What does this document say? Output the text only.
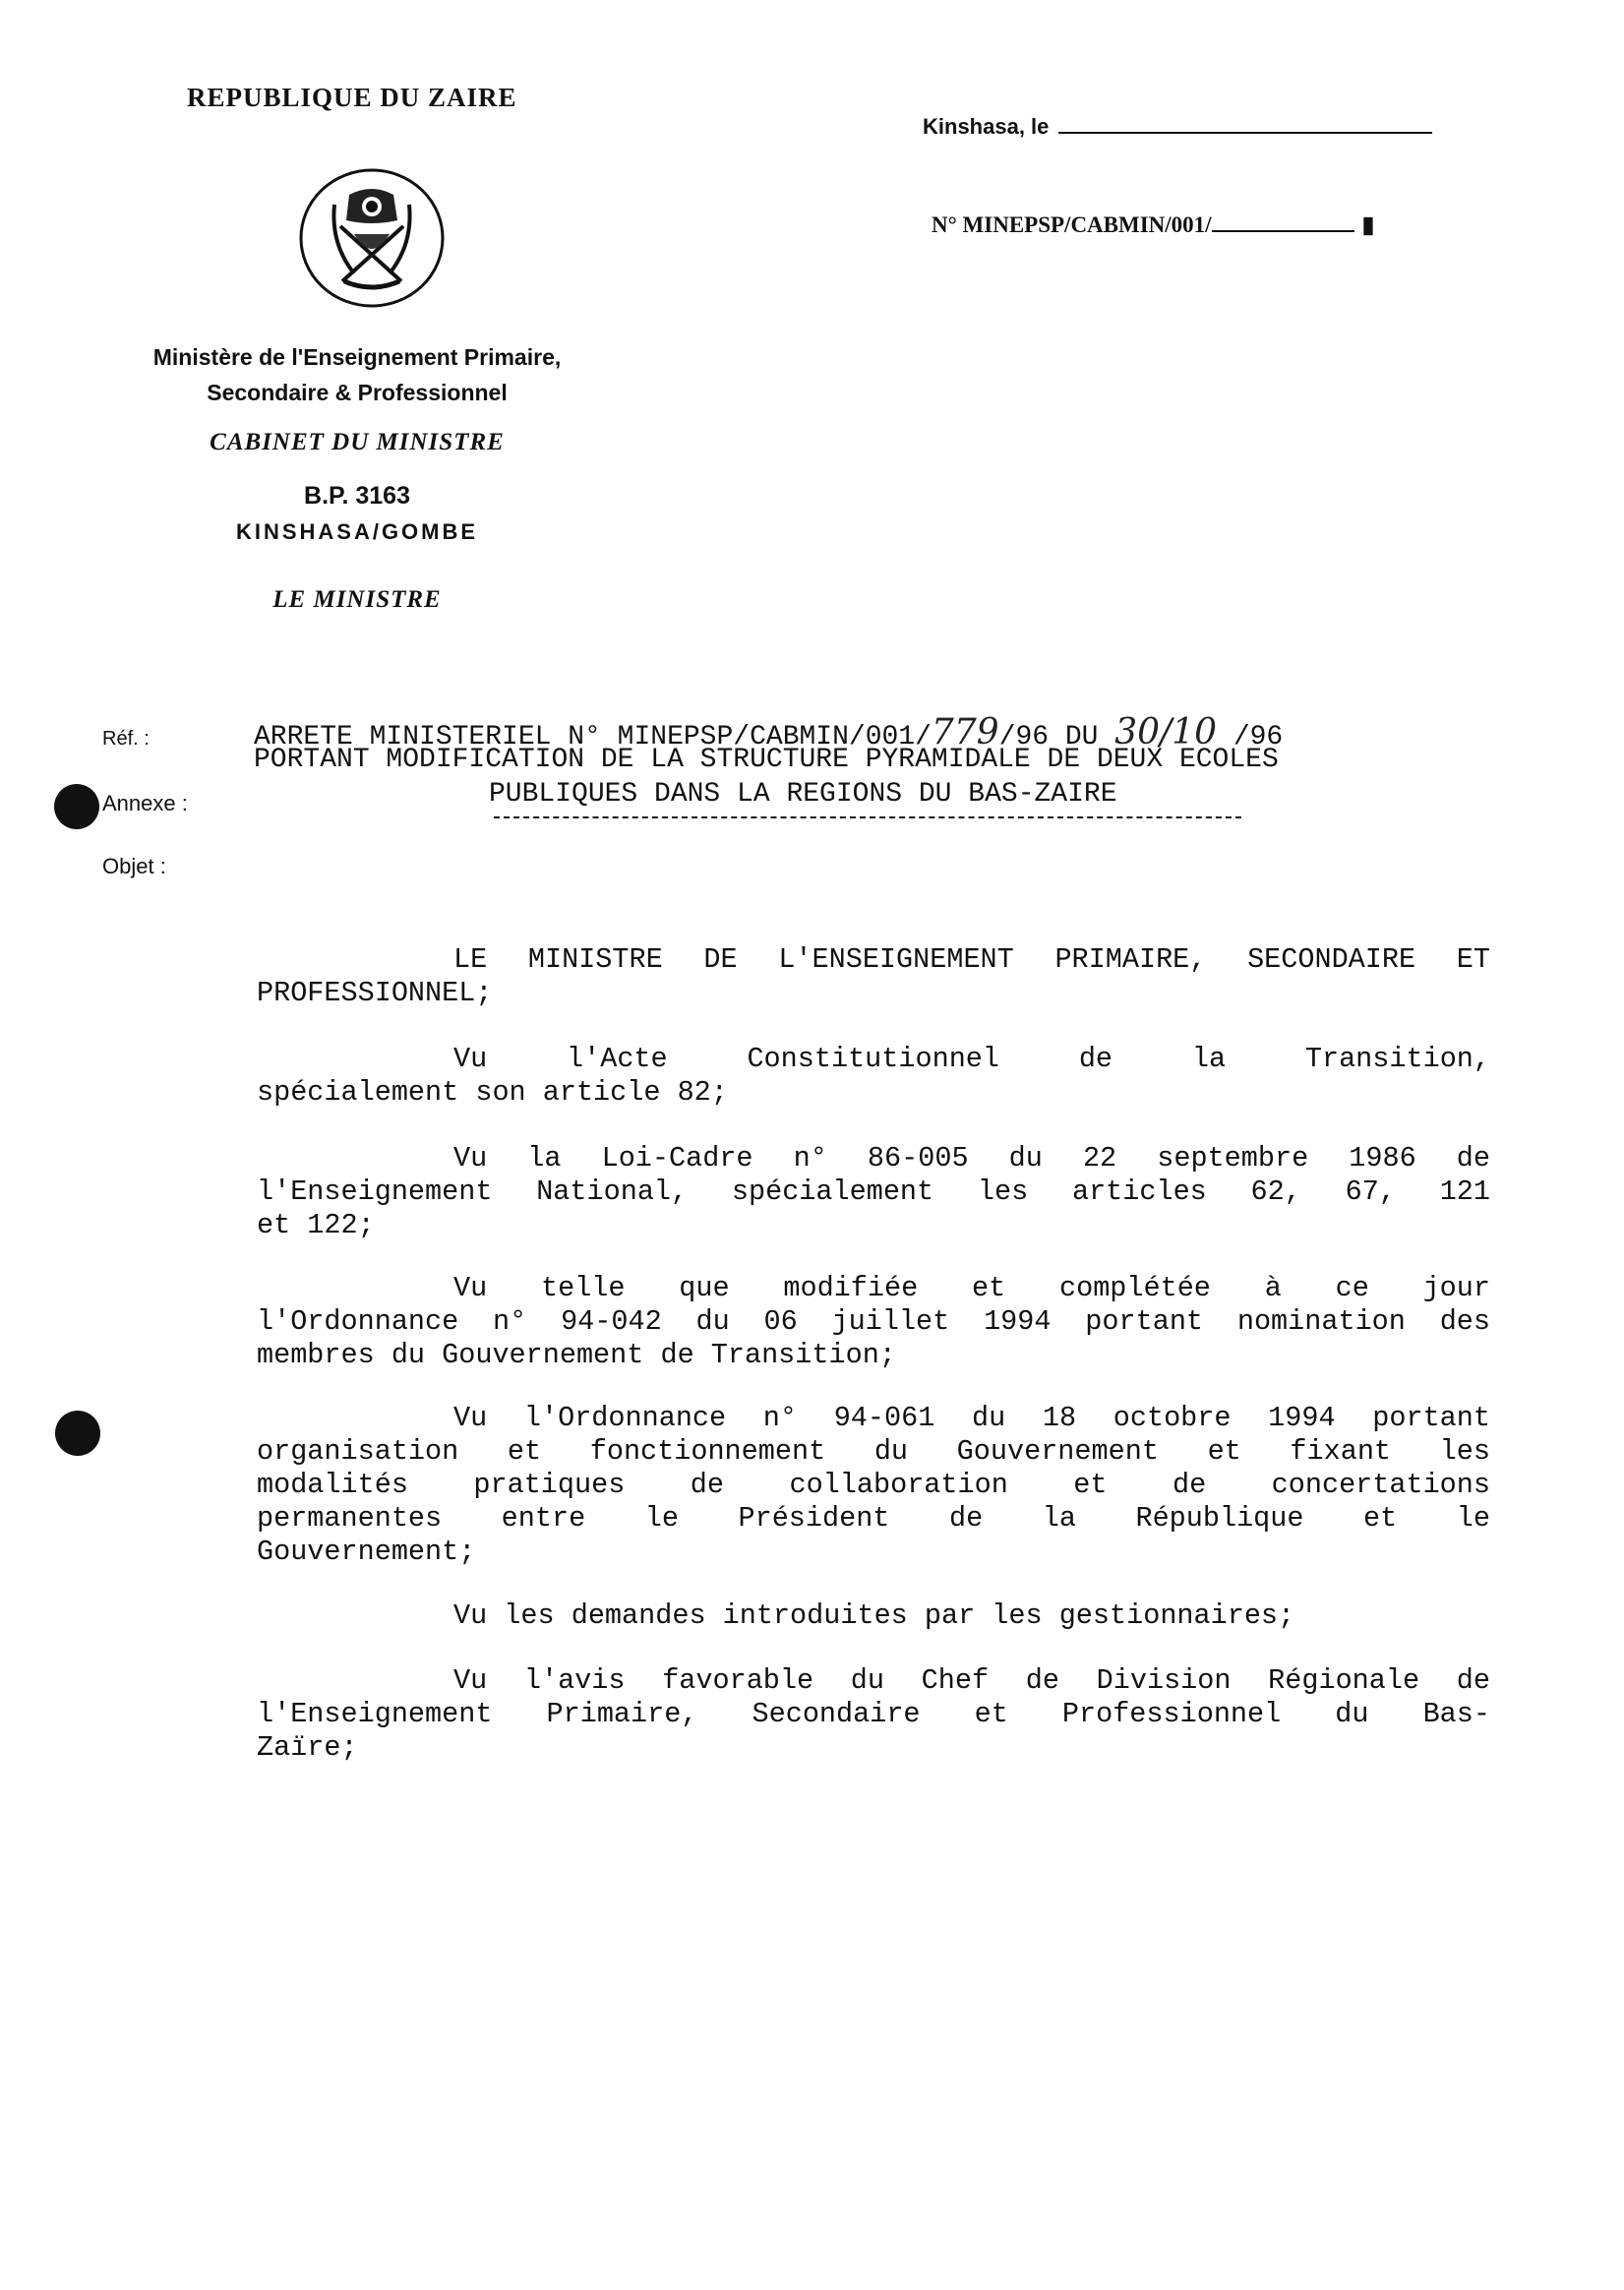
REPUBLIQUE DU ZAIRE
Kinshasa, le
N° MINEPSP/CABMIN/001/	▮
Ministère de l'Enseignement Primaire,
Secondaire & Professionnel
CABINET DU MINISTRE
B.P. 3163
KINSHASA/GOMBE
LE MINISTRE
Réf. :
Annexe :
Objet :
ARRETE MINISTERIEL N° MINEPSP/CABMIN/001/779/96 DU 30/10 /96
PORTANT MODIFICATION DE LA STRUCTURE PYRAMIDALE DE DEUX ECOLES
PUBLIQUES DANS LA REGIONS DU BAS-ZAIRE
LE MINISTRE DE L'ENSEIGNEMENT PRIMAIRE, SECONDAIRE ET
PROFESSIONNEL;
Vu l'Acte Constitutionnel de la Transition,
spécialement son article 82;
Vu la Loi-Cadre n° 86-005 du 22 septembre 1986 de
l'Enseignement National, spécialement les articles 62, 67, 121
et 122;
Vu telle que modifiée et complétée à ce jour
l'Ordonnance n° 94-042 du 06 juillet 1994 portant nomination des
membres du Gouvernement de Transition;
Vu l'Ordonnance n° 94-061 du 18 octobre 1994 portant
organisation et fonctionnement du Gouvernement et fixant les
modalités pratiques de collaboration et de concertations
permanentes entre le Président de la République et le
Gouvernement;
Vu les demandes introduites par les gestionnaires;
Vu l'avis favorable du Chef de Division Régionale de
l'Enseignement Primaire, Secondaire et Professionnel du Bas-
Zaïre;
